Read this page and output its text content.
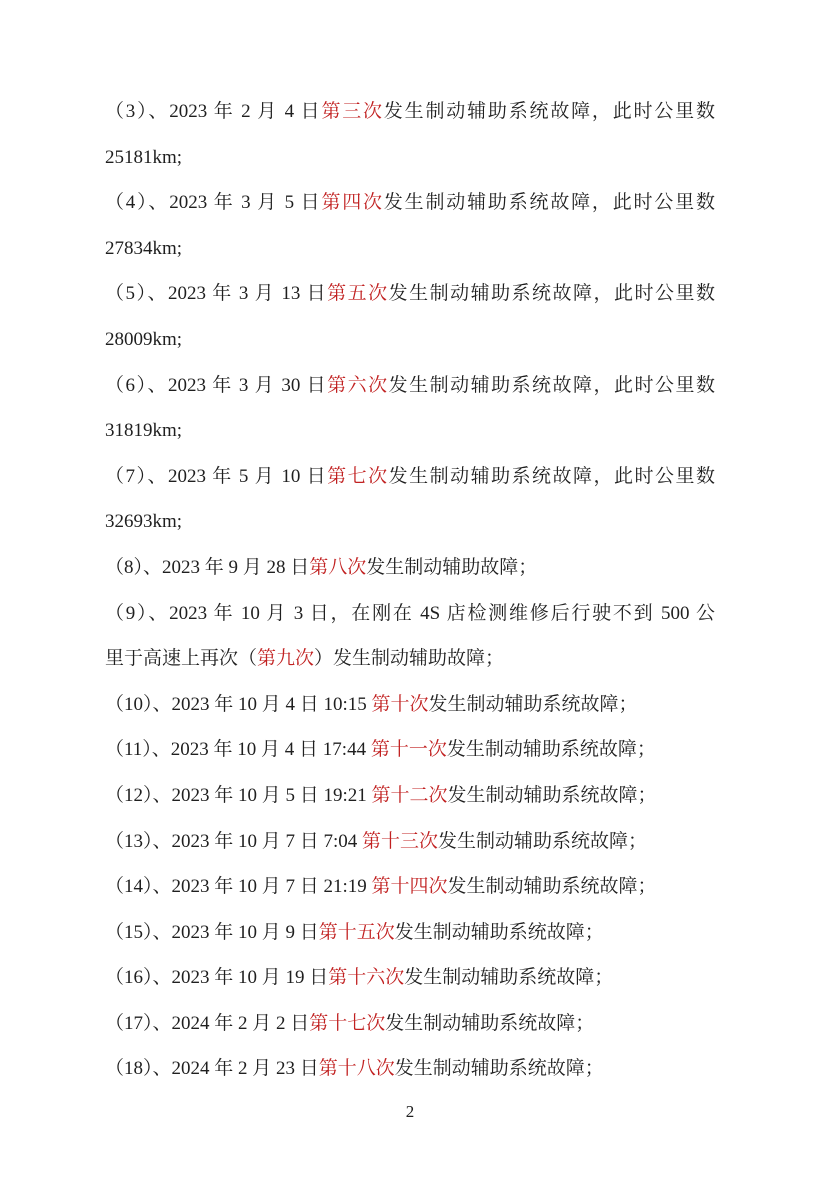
（3）、2023 年 2 月 4 日第三次发生制动辅助系统故障，此时公里数
25181km;
（4）、2023 年 3 月 5 日第四次发生制动辅助系统故障，此时公里数
27834km;
（5）、2023 年 3 月 13 日第五次发生制动辅助系统故障，此时公里数
28009km;
（6）、2023 年 3 月 30 日第六次发生制动辅助系统故障，此时公里数
31819km;
（7）、2023 年 5 月 10 日第七次发生制动辅助系统故障，此时公里数
32693km;
（8）、2023 年 9 月 28 日第八次发生制动辅助故障；
（9）、2023 年 10 月 3 日，在刚在 4S 店检测维修后行驶不到 500 公
里于高速上再次（第九次）发生制动辅助故障；
（10）、2023 年 10 月 4 日 10:15 第十次发生制动辅助系统故障；
（11）、2023 年 10 月 4 日 17:44 第十一次发生制动辅助系统故障；
（12）、2023 年 10 月 5 日 19:21 第十二次发生制动辅助系统故障；
（13）、2023 年 10 月 7 日 7:04 第十三次发生制动辅助系统故障；
（14）、2023 年 10 月 7 日 21:19 第十四次发生制动辅助系统故障；
（15）、2023 年 10 月 9 日第十五次发生制动辅助系统故障；
（16）、2023 年 10 月 19 日第十六次发生制动辅助系统故障；
（17）、2024 年 2 月 2 日第十七次发生制动辅助系统故障；
（18）、2024 年 2 月 23 日第十八次发生制动辅助系统故障；
2
